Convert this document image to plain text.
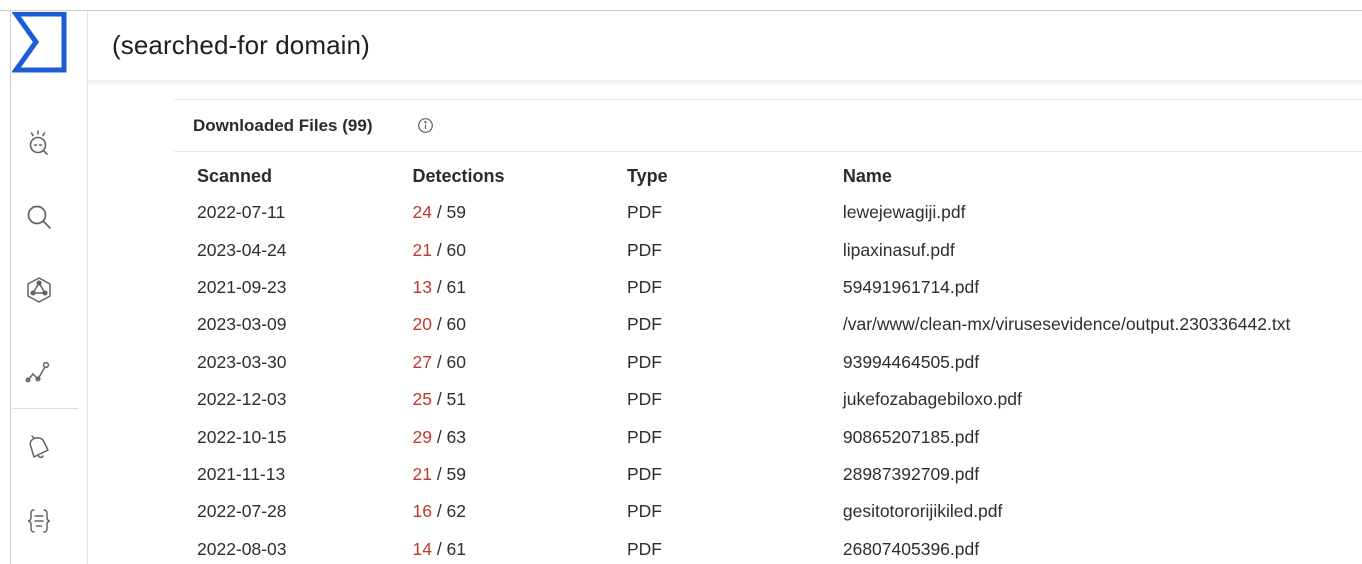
(searched-for domain)
Downloaded Files (99)
Scanned	Detections	Type	Name
2022-07-11	24 / 59	PDF	lewejewagiji.pdf
2023-04-24	21 / 60	PDF	lipaxinasuf.pdf
2021-09-23	13 / 61	PDF	59491961714.pdf
2023-03-09	20 / 60	PDF	/var/www/clean-mx/virusesevidence/output.230336442.txt
2023-03-30	27 / 60	PDF	93994464505.pdf
2022-12-03	25 / 51	PDF	jukefozabagebiloxo.pdf
2022-10-15	29 / 63	PDF	90865207185.pdf
2021-11-13	21 / 59	PDF	28987392709.pdf
2022-07-28	16 / 62	PDF	gesitotororijikiled.pdf
2022-08-03	14 / 61	PDF	26807405396.pdf
